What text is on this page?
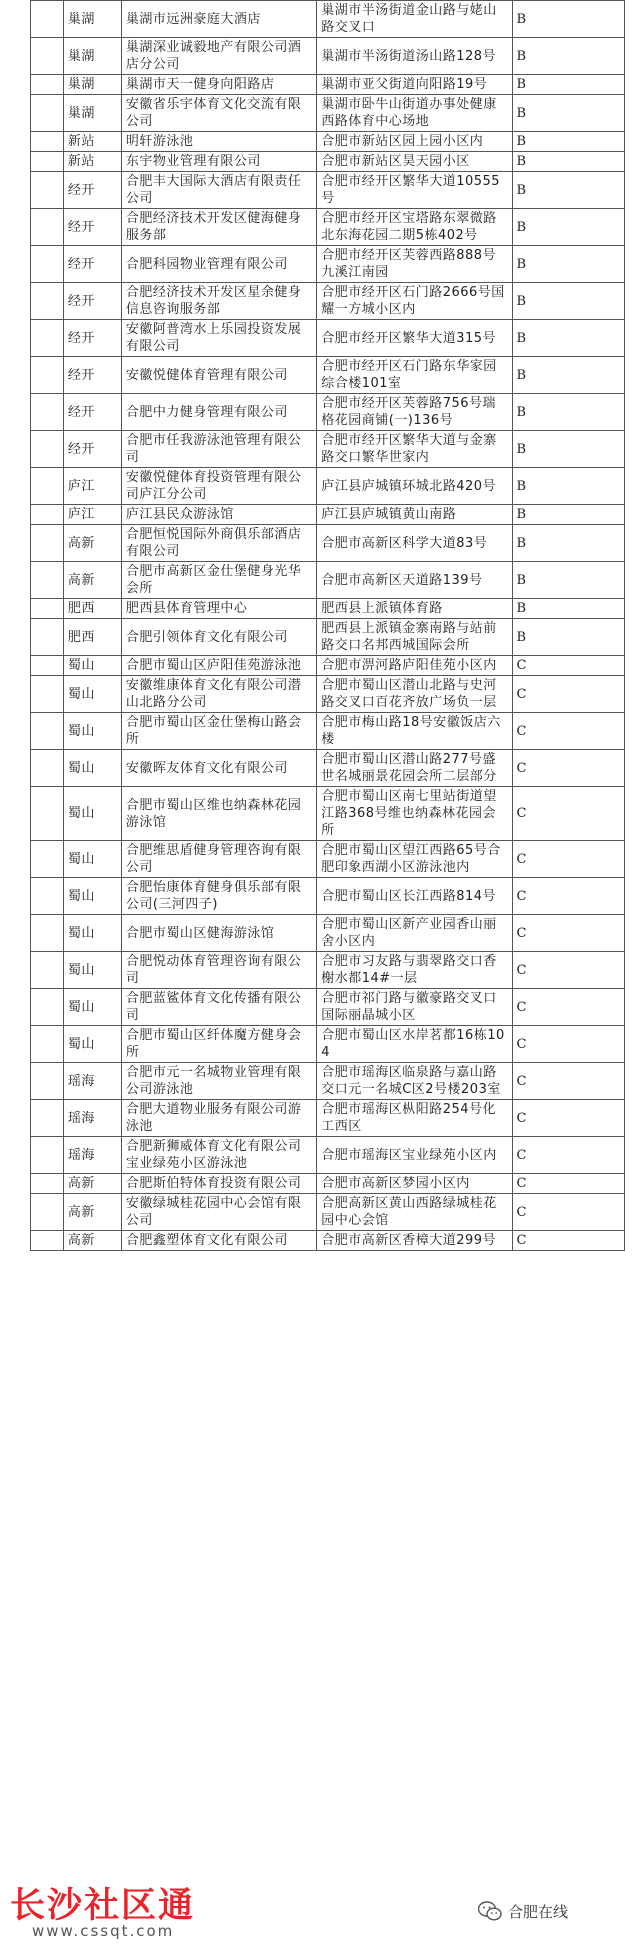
	巢湖	巢湖市远洲豪庭大酒店	巢湖市半汤街道金山路与姥山路交叉口	B
	巢湖	巢湖深业诚毅地产有限公司酒店分公司	巢湖市半汤街道汤山路128号	B
	巢湖	巢湖市天一健身向阳路店	巢湖市亚父街道向阳路19号	B
	巢湖	安徽省乐宇体育文化交流有限公司	巢湖市卧牛山街道办事处健康西路体育中心场地	B
	新站	明轩游泳池	合肥市新站区园上园小区内	B
	新站	东宇物业管理有限公司	合肥市新站区昊天园小区	B
	经开	合肥丰大国际大酒店有限责任公司	合肥市经开区繁华大道10555号	B
	经开	合肥经济技术开发区健海健身服务部	合肥市经开区宝塔路东翠微路北东海花园二期5栋402号	B
	经开	合肥科园物业管理有限公司	合肥市经开区芙蓉西路888号九溪江南园	B
	经开	合肥经济技术开发区星余健身信息咨询服务部	合肥市经开区石门路2666号国耀一方城小区内	B
	经开	安徽阿普湾水上乐园投资发展有限公司	合肥市经开区繁华大道315号	B
	经开	安徽悦健体育管理有限公司	合肥市经开区石门路东华家园综合楼101室	B
	经开	合肥中力健身管理有限公司	合肥市经开区芙蓉路756号瑞格花园商铺(一)136号	B
	经开	合肥市任我游泳池管理有限公司	合肥市经开区繁华大道与金寨路交口繁华世家内	B
	庐江	安徽悦健体育投资管理有限公司庐江分公司	庐江县庐城镇环城北路420号	B
	庐江	庐江县民众游泳馆	庐江县庐城镇黄山南路	B
	高新	合肥恒悦国际外商俱乐部酒店有限公司	合肥市高新区科学大道83号	B
	高新	合肥市高新区金仕堡健身光华会所	合肥市高新区天道路139号	B
	肥西	肥西县体育管理中心	肥西县上派镇体育路	B
	肥西	合肥引领体育文化有限公司	肥西县上派镇金寨南路与站前路交口名邦西城国际会所	B
	蜀山	合肥市蜀山区庐阳佳苑游泳池	合肥市淠河路庐阳佳苑小区内	C
	蜀山	安徽维康体育文化有限公司潜山北路分公司	合肥市蜀山区潜山北路与史河路交叉口百花齐放广场负一层	C
	蜀山	合肥市蜀山区金仕堡梅山路会所	合肥市梅山路18号安徽饭店六楼	C
	蜀山	安徽晖友体育文化有限公司	合肥市蜀山区潜山路277号盛世名城丽景花园会所二层部分	C
	蜀山	合肥市蜀山区维也纳森林花园游泳馆	合肥市蜀山区南七里站街道望江路368号维也纳森林花园会所	C
	蜀山	合肥维思盾健身管理咨询有限公司	合肥市蜀山区望江西路65号合肥印象西湖小区游泳池内	C
	蜀山	合肥怡康体育健身俱乐部有限公司(三河四子)	合肥市蜀山区长江西路814号	C
	蜀山	合肥市蜀山区健海游泳馆	合肥市蜀山区新产业园香山丽舍小区内	C
	蜀山	合肥悦动体育管理咨询有限公司	合肥市习友路与翡翠路交口香榭水都14#一层	C
	蜀山	合肥蓝鲨体育文化传播有限公司	合肥市祁门路与徽豪路交叉口国际丽晶城小区	C
	蜀山	合肥市蜀山区纤体魔方健身会所	合肥市蜀山区水岸茗都16栋104	C
	瑶海	合肥市元一名城物业管理有限公司游泳池	合肥市瑶海区临泉路与嘉山路交口元一名城C区2号楼203室	C
	瑶海	合肥大道物业服务有限公司游泳池	合肥市瑶海区枞阳路254号化工西区	C
	瑶海	合肥新狮威体育文化有限公司宝业绿苑小区游泳池	合肥市瑶海区宝业绿苑小区内	C
	高新	合肥斯伯特体育投资有限公司	合肥市高新区梦园小区内	C
	高新	安徽绿城桂花园中心会馆有限公司	合肥高新区黄山西路绿城桂花园中心会馆	C
	高新	合肥鑫塑体育文化有限公司	合肥市高新区香樟大道299号	C
长沙社区通
www.cssqt.com
合肥在线
